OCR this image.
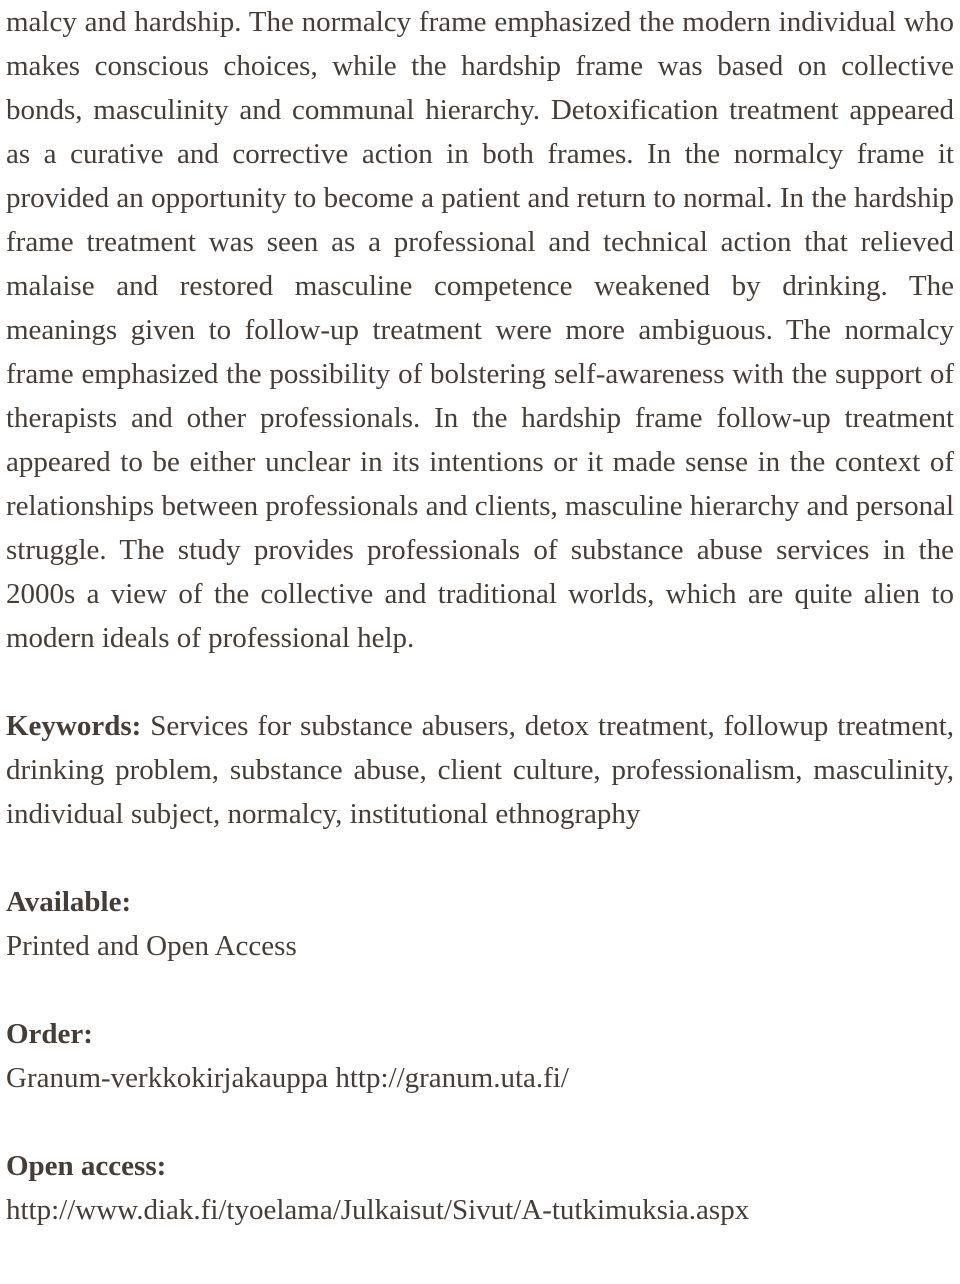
malcy and hardship. The normalcy frame emphasized the modern individual who makes conscious choices, while the hardship frame was based on collective bonds, masculinity and communal hierarchy. Detoxification treatment appeared as a curative and corrective action in both frames. In the normalcy frame it provided an opportunity to become a patient and return to normal. In the hardship frame treatment was seen as a professional and technical action that relieved malaise and restored masculine competence weakened by drinking. The meanings given to follow-up treatment were more ambiguous. The normalcy frame emphasized the possibility of bolstering self-awareness with the support of therapists and other professionals. In the hardship frame follow-up treatment appeared to be either unclear in its intentions or it made sense in the context of relationships between professionals and clients, masculine hierarchy and personal struggle. The study provides professionals of substance abuse services in the 2000s a view of the collective and traditional worlds, which are quite alien to modern ideals of professional help.

Keywords: Services for substance abusers, detox treatment, followup treatment, drinking problem, substance abuse, client culture, professionalism, masculinity, individual subject, normalcy, institutional ethnography

Available:

Printed and Open Access

Order:

Granum-verkkokirjakauppa http://granum.uta.fi/

Open access:

http://www.diak.fi/tyoelama/Julkaisut/Sivut/A-tutkimuksia.aspx
